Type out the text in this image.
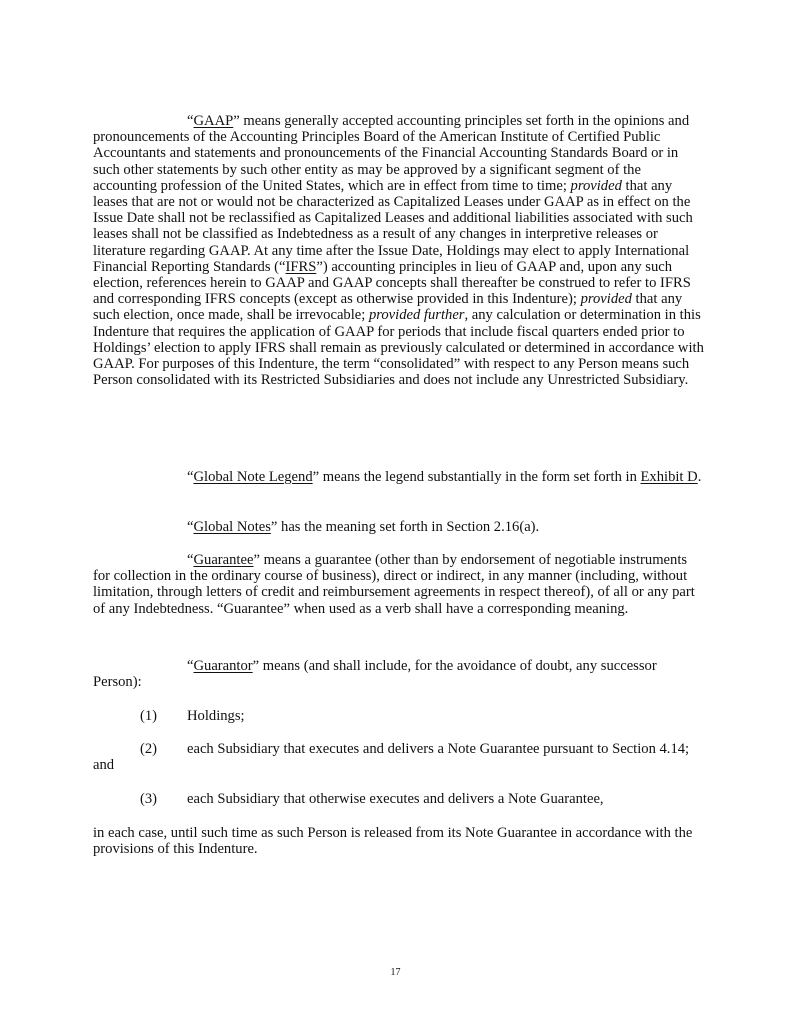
“GAAP” means generally accepted accounting principles set forth in the opinions and pronouncements of the Accounting Principles Board of the American Institute of Certified Public Accountants and statements and pronouncements of the Financial Accounting Standards Board or in such other statements by such other entity as may be approved by a significant segment of the accounting profession of the United States, which are in effect from time to time; provided that any leases that are not or would not be characterized as Capitalized Leases under GAAP as in effect on the Issue Date shall not be reclassified as Capitalized Leases and additional liabilities associated with such leases shall not be classified as Indebtedness as a result of any changes in interpretive releases or literature regarding GAAP. At any time after the Issue Date, Holdings may elect to apply International Financial Reporting Standards (“IFRS”) accounting principles in lieu of GAAP and, upon any such election, references herein to GAAP and GAAP concepts shall thereafter be construed to refer to IFRS and corresponding IFRS concepts (except as otherwise provided in this Indenture); provided that any such election, once made, shall be irrevocable; provided further, any calculation or determination in this Indenture that requires the application of GAAP for periods that include fiscal quarters ended prior to Holdings’ election to apply IFRS shall remain as previously calculated or determined in accordance with GAAP. For purposes of this Indenture, the term “consolidated” with respect to any Person means such Person consolidated with its Restricted Subsidiaries and does not include any Unrestricted Subsidiary.

“Global Note Legend” means the legend substantially in the form set forth in Exhibit D.

“Global Notes” has the meaning set forth in Section 2.16(a).

“Guarantee” means a guarantee (other than by endorsement of negotiable instruments for collection in the ordinary course of business), direct or indirect, in any manner (including, without limitation, through letters of credit and reimbursement agreements in respect thereof), of all or any part of any Indebtedness. “Guarantee” when used as a verb shall have a corresponding meaning.

“Guarantor” means (and shall include, for the avoidance of doubt, any successor Person):

(1)	Holdings;
(2)	each Subsidiary that executes and delivers a Note Guarantee pursuant to Section 4.14; and
(3)	each Subsidiary that otherwise executes and delivers a Note Guarantee,

in each case, until such time as such Person is released from its Note Guarantee in accordance with the provisions of this Indenture.

17
